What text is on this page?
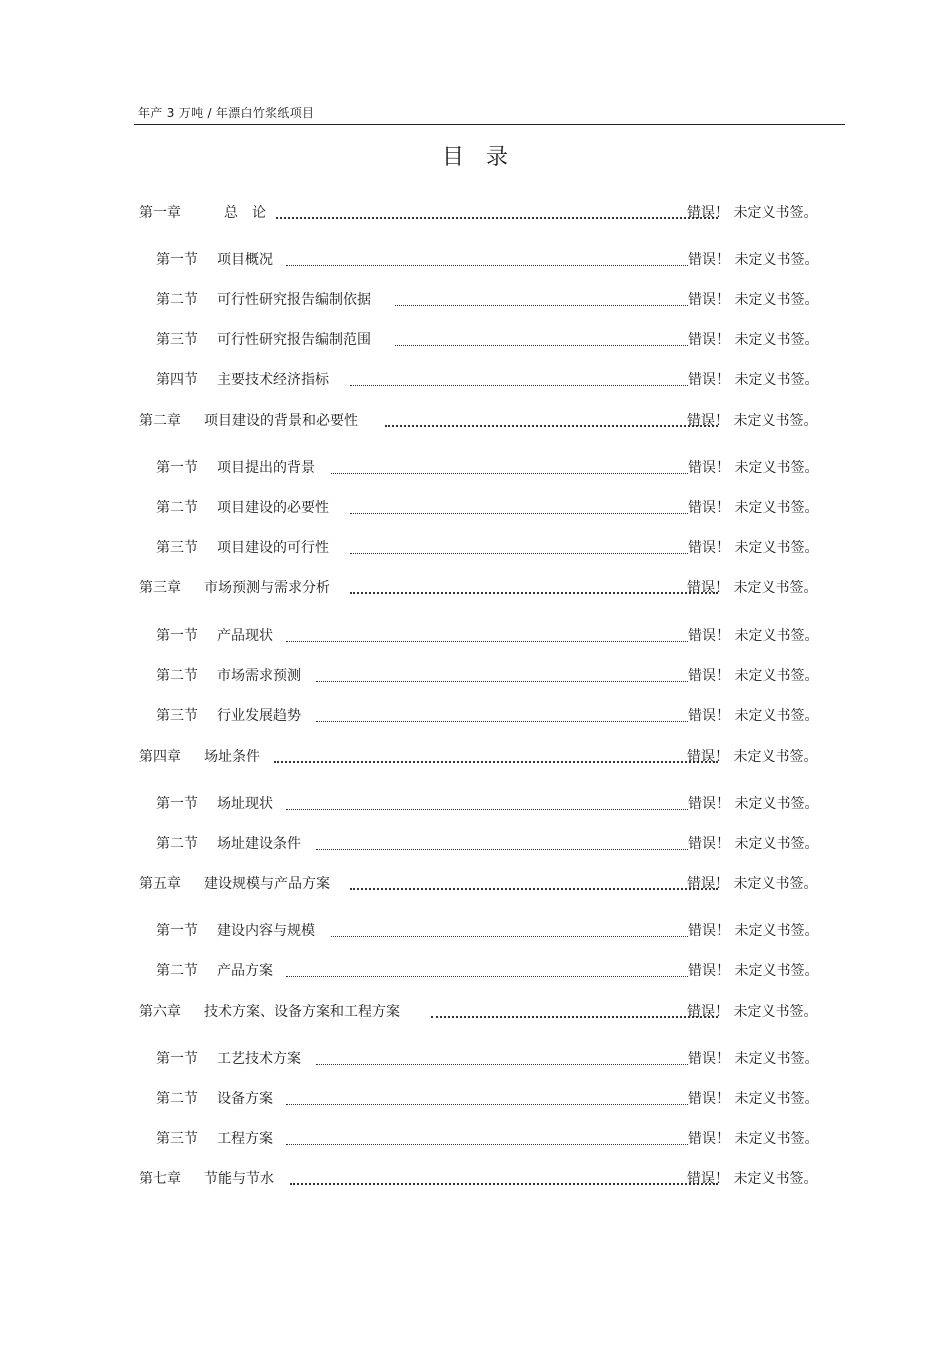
年产 3 万吨 / 年漂白竹浆纸项目
目录
第一章	总　论	错误！ 未定义书签。
第一节 项目概况	错误！ 未定义书签。
第二节 可行性研究报告编制依据	错误！ 未定义书签。
第三节 可行性研究报告编制范围	错误！ 未定义书签。
第四节 主要技术经济指标	错误！ 未定义书签。
第二章 项目建设的背景和必要性	错误！ 未定义书签。
第一节 项目提出的背景	错误！ 未定义书签。
第二节 项目建设的必要性	错误！ 未定义书签。
第三节 项目建设的可行性	错误！ 未定义书签。
第三章 市场预测与需求分析	错误！ 未定义书签。
第一节 产品现状	错误！ 未定义书签。
第二节 市场需求预测	错误！ 未定义书签。
第三节 行业发展趋势	错误！ 未定义书签。
第四章 场址条件	错误！ 未定义书签。
第一节 场址现状	错误！ 未定义书签。
第二节 场址建设条件	错误！ 未定义书签。
第五章 建设规模与产品方案	错误！ 未定义书签。
第一节 建设内容与规模	错误！ 未定义书签。
第二节 产品方案	错误！ 未定义书签。
第六章 技术方案、设备方案和工程方案	错误！ 未定义书签。
第一节 工艺技术方案	错误！ 未定义书签。
第二节 设备方案	错误！ 未定义书签。
第三节 工程方案	错误！ 未定义书签。
第七章 节能与节水	错误！ 未定义书签。
